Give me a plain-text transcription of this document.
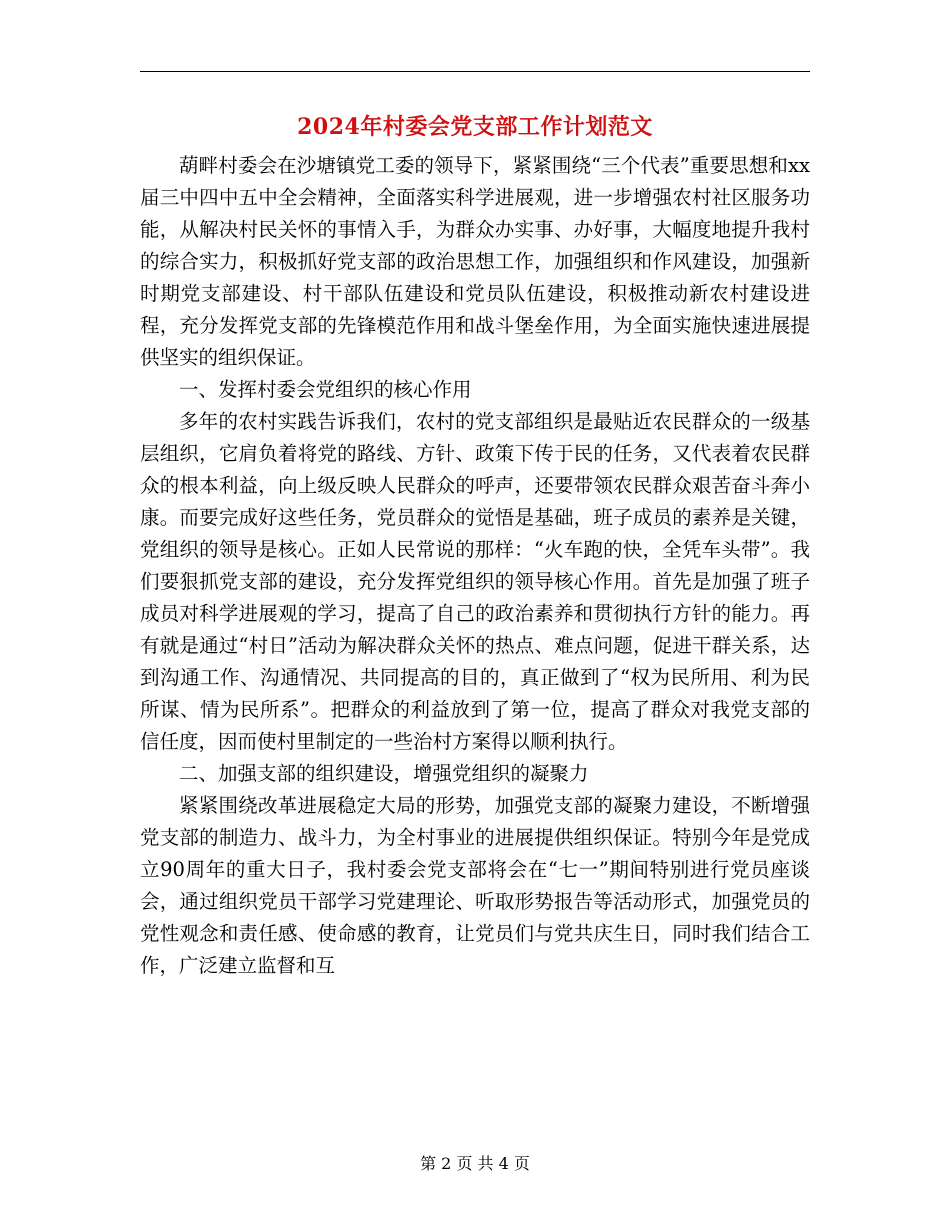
2024年村委会党支部工作计划范文

葫畔村委会在沙塘镇党工委的领导下，紧紧围绕“三个代表”重要思想和xx届三中四中五中全会精神，全面落实科学进展观，进一步增强农村社区服务功能，从解决村民关怀的事情入手，为群众办实事、办好事，大幅度地提升我村的综合实力，积极抓好党支部的政治思想工作，加强组织和作风建设，加强新时期党支部建设、村干部队伍建设和党员队伍建设，积极推动新农村建设进程，充分发挥党支部的先锋模范作用和战斗堡垒作用，为全面实施快速进展提供坚实的组织保证。

一、发挥村委会党组织的核心作用

多年的农村实践告诉我们，农村的党支部组织是最贴近农民群众的一级基层组织，它肩负着将党的路线、方针、政策下传于民的任务，又代表着农民群众的根本利益，向上级反映人民群众的呼声，还要带领农民群众艰苦奋斗奔小康。而要完成好这些任务，党员群众的觉悟是基础，班子成员的素养是关键，党组织的领导是核心。正如人民常说的那样：“火车跑的快，全凭车头带”。我们要狠抓党支部的建设，充分发挥党组织的领导核心作用。首先是加强了班子成员对科学进展观的学习，提高了自己的政治素养和贯彻执行方针的能力。再有就是通过“村日”活动为解决群众关怀的热点、难点问题，促进干群关系，达到沟通工作、沟通情况、共同提高的目的，真正做到了“权为民所用、利为民所谋、情为民所系”。把群众的利益放到了第一位，提高了群众对我党支部的信任度，因而使村里制定的一些治村方案得以顺利执行。

二、加强支部的组织建设，增强党组织的凝聚力

紧紧围绕改革进展稳定大局的形势，加强党支部的凝聚力建设，不断增强党支部的制造力、战斗力，为全村事业的进展提供组织保证。特别今年是党成立90周年的重大日子，我村委会党支部将会在“七一”期间特别进行党员座谈会，通过组织党员干部学习党建理论、听取形势报告等活动形式，加强党员的党性观念和责任感、使命感的教育，让党员们与党共庆生日，同时我们结合工作，广泛建立监督和互

第 2 页 共 4 页
